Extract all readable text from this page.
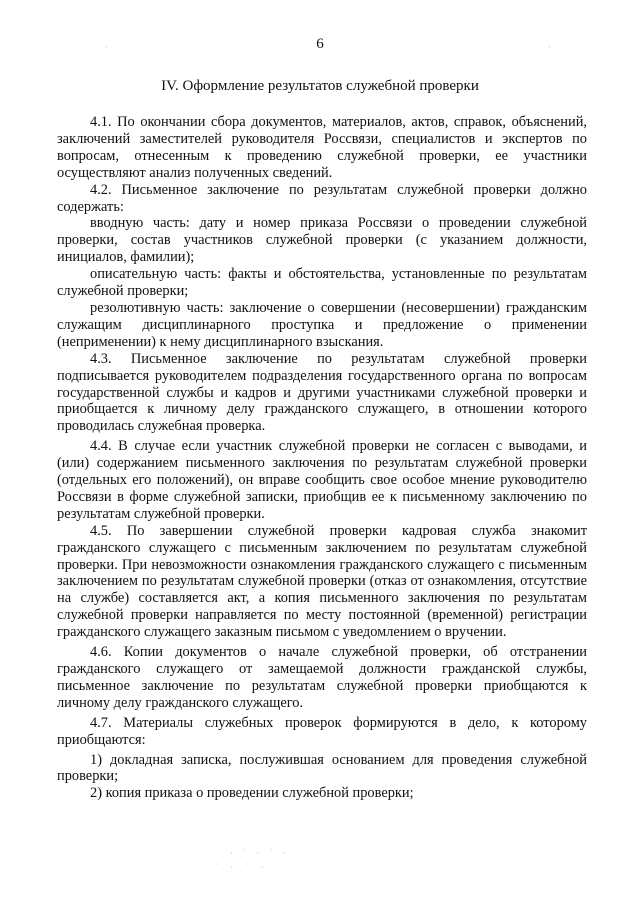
6
IV. Оформление результатов служебной проверки

4.1. По окончании сбора документов, материалов, актов, справок, объяснений, заключений заместителей руководителя Россвязи, специалистов и экспертов по вопросам, отнесенным к проведению служебной проверки, ее участники осуществляют анализ полученных сведений.

4.2. Письменное заключение по результатам служебной проверки должно содержать:

вводную часть: дату и номер приказа Россвязи о проведении служебной проверки, состав участников служебной проверки (с указанием должности, инициалов, фамилии);

описательную часть: факты и обстоятельства, установленные по результатам служебной проверки;

резолютивную часть: заключение о совершении (несовершении) гражданским служащим дисциплинарного проступка и предложение о применении (неприменении) к нему дисциплинарного взыскания.

4.3. Письменное заключение по результатам служебной проверки подписывается руководителем подразделения государственного органа по вопросам государственной службы и кадров и другими участниками служебной проверки и приобщается к личному делу гражданского служащего, в отношении которого проводилась служебная проверка.

4.4. В случае если участник служебной проверки не согласен с выводами, и (или) содержанием письменного заключения по результатам служебной проверки (отдельных его положений), он вправе сообщить свое особое мнение руководителю Россвязи в форме служебной записки, приобщив ее к письменному заключению по результатам служебной проверки.

4.5. По завершении служебной проверки кадровая служба знакомит гражданского служащего с письменным заключением по результатам служебной проверки. При невозможности ознакомления гражданского служащего с письменным заключением по результатам служебной проверки (отказ от ознакомления, отсутствие на службе) составляется акт, а копия письменного заключения по результатам служебной проверки направляется по месту постоянной (временной) регистрации гражданского служащего заказным письмом с уведомлением о вручении.

4.6. Копии документов о начале служебной проверки, об отстранении гражданского служащего от замещаемой должности гражданской службы, письменное заключение по результатам служебной проверки приобщаются к личному делу гражданского служащего.

4.7. Материалы служебных проверок формируются в дело, к которому приобщаются:

1) докладная записка, послужившая основанием для проведения служебной проверки;

2) копия приказа о проведении служебной проверки;

·	·
· ˙ · ˙ ·
˙ · ˙ · ˙
